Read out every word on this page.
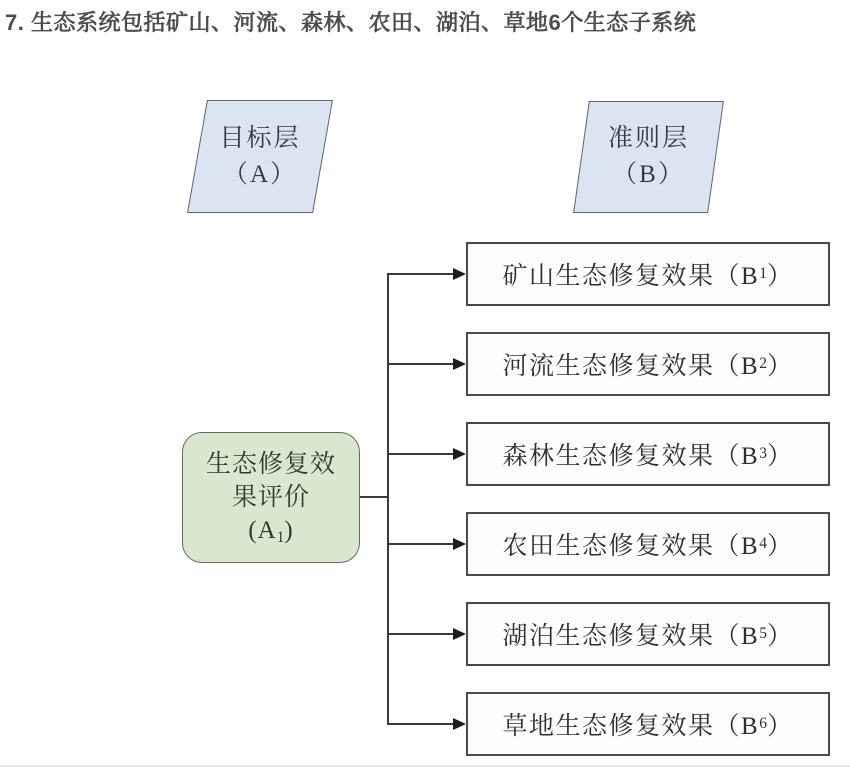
7. 生态系统包括矿山、河流、森林、农田、湖泊、草地6个生态子系统
目标层
（A）
准则层
（B）
生态修复效
果评价
$(A_1)$
矿山生态修复效果（B 1 ）
河流生态修复效果（B 2 ）
森林生态修复效果（B 3 ）
农田生态修复效果（B 4 ）
湖泊生态修复效果（B 5 ）
草地生态修复效果（B 6 ）
